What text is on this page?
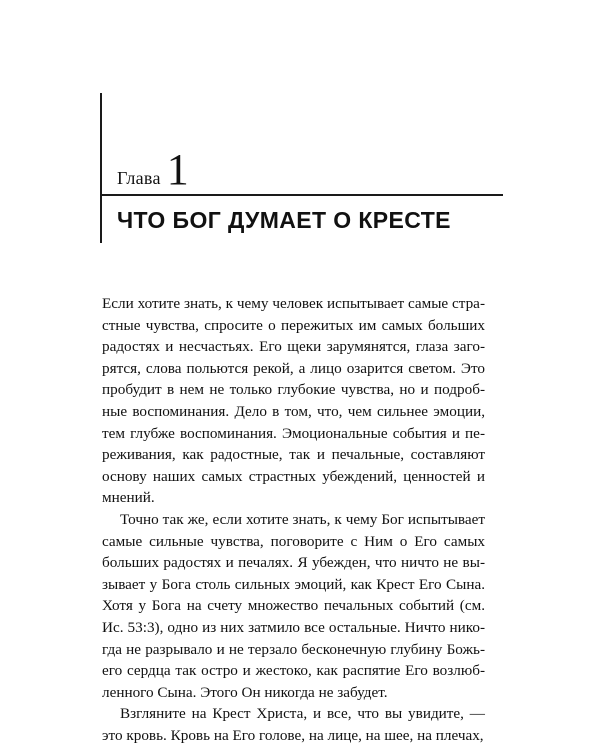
Глава 1
ЧТО БОГ ДУМАЕТ О КРЕСТЕ

Если хотите знать, к чему человек испытывает самые страстные чувства, спросите о пережитых им самых больших радостях и несчастьях. Его щеки зарумянятся, глаза загорятся, слова польются рекой, а лицо озарится светом. Это пробудит в нем не только глубокие чувства, но и подробные воспоминания. Дело в том, что, чем сильнее эмоции, тем глубже воспоминания. Эмоциональные события и переживания, как радостные, так и печальные, составляют основу наших самых страстных убеждений, ценностей и мнений.

Точно так же, если хотите знать, к чему Бог испытывает самые сильные чувства, поговорите с Ним о Его самых больших радостях и печалях. Я убежден, что ничто не вызывает у Бога столь сильных эмоций, как Крест Его Сына. Хотя у Бога на счету множество печальных событий (см. Ис. 53:3), одно из них затмило все остальные. Ничто никогда не разрывало и не терзало бесконечную глубину Божьего сердца так остро и жестоко, как распятие Его возлюбленного Сына. Этого Он никогда не забудет.

Взгляните на Крест Христа, и все, что вы увидите, — это кровь. Кровь на Его голове, на лице, на шее, на плечах,
